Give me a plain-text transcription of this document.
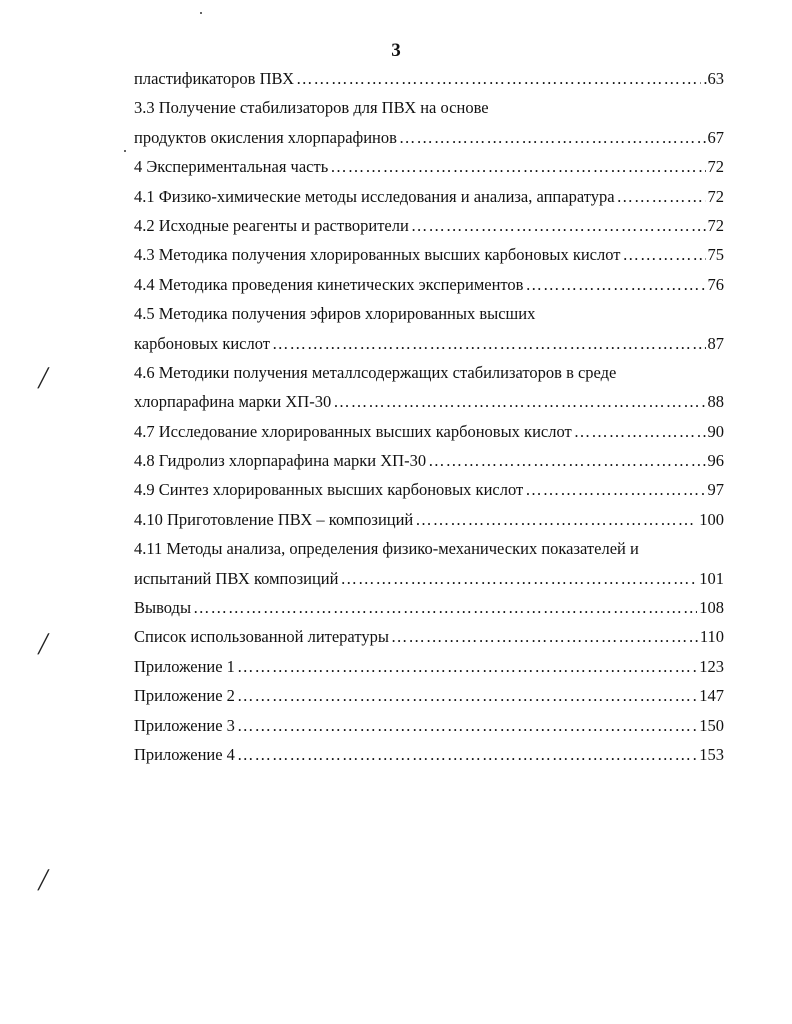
3
пластификаторов ПВХ ……………………………………………………………………………………………………………………………………………………………………………………………………………………	.63
3.3 Получение стабилизаторов для ПВХ на основе
продуктов окисления хлорпарафинов ……………………………………………………………………………………………………………………………………………………………………………………………………………………	67
4 Экспериментальная часть ……………………………………………………………………………………………………………………………………………………………………………………………………………………	72
4.1 Физико-химические методы исследования и анализа, аппаратура ……………………………………………………………………………………………………………………………………………………………………………………………………………………	72
4.2 Исходные реагенты и растворители ……………………………………………………………………………………………………………………………………………………………………………………………………………………	72
4.3 Методика получения хлорированных высших карбоновых кислот ……………………………………………………………………………………………………………………………………………………………………………………………………………………	75
4.4 Методика проведения кинетических экспериментов ……………………………………………………………………………………………………………………………………………………………………………………………………………………	76
4.5 Методика получения эфиров хлорированных высших
карбоновых кислот ……………………………………………………………………………………………………………………………………………………………………………………………………………………	87
4.6 Методики получения металлсодержащих стабилизаторов в среде
хлорпарафина марки ХП-30 ……………………………………………………………………………………………………………………………………………………………………………………………………………………	88
4.7 Исследование хлорированных высших карбоновых кислот ……………………………………………………………………………………………………………………………………………………………………………………………………………………	90
4.8 Гидролиз хлорпарафина марки ХП-30 ……………………………………………………………………………………………………………………………………………………………………………………………………………………	96
4.9 Синтез хлорированных высших карбоновых кислот ……………………………………………………………………………………………………………………………………………………………………………………………………………………	97
4.10 Приготовление ПВХ – композиций ……………………………………………………………………………………………………………………………………………………………………………………………………………………	100
4.11 Методы анализа, определения физико-механических показателей и
испытаний ПВХ композиций ……………………………………………………………………………………………………………………………………………………………………………………………………………………	101
Выводы ……………………………………………………………………………………………………………………………………………………………………………………………………………………	108
Список использованной литературы ……………………………………………………………………………………………………………………………………………………………………………………………………………………	110
Приложение 1 ……………………………………………………………………………………………………………………………………………………………………………………………………………………	123
Приложение 2 ……………………………………………………………………………………………………………………………………………………………………………………………………………………	147
Приложение 3 ……………………………………………………………………………………………………………………………………………………………………………………………………………………	150
Приложение 4 ……………………………………………………………………………………………………………………………………………………………………………………………………………………	153
╱
╱
╱
